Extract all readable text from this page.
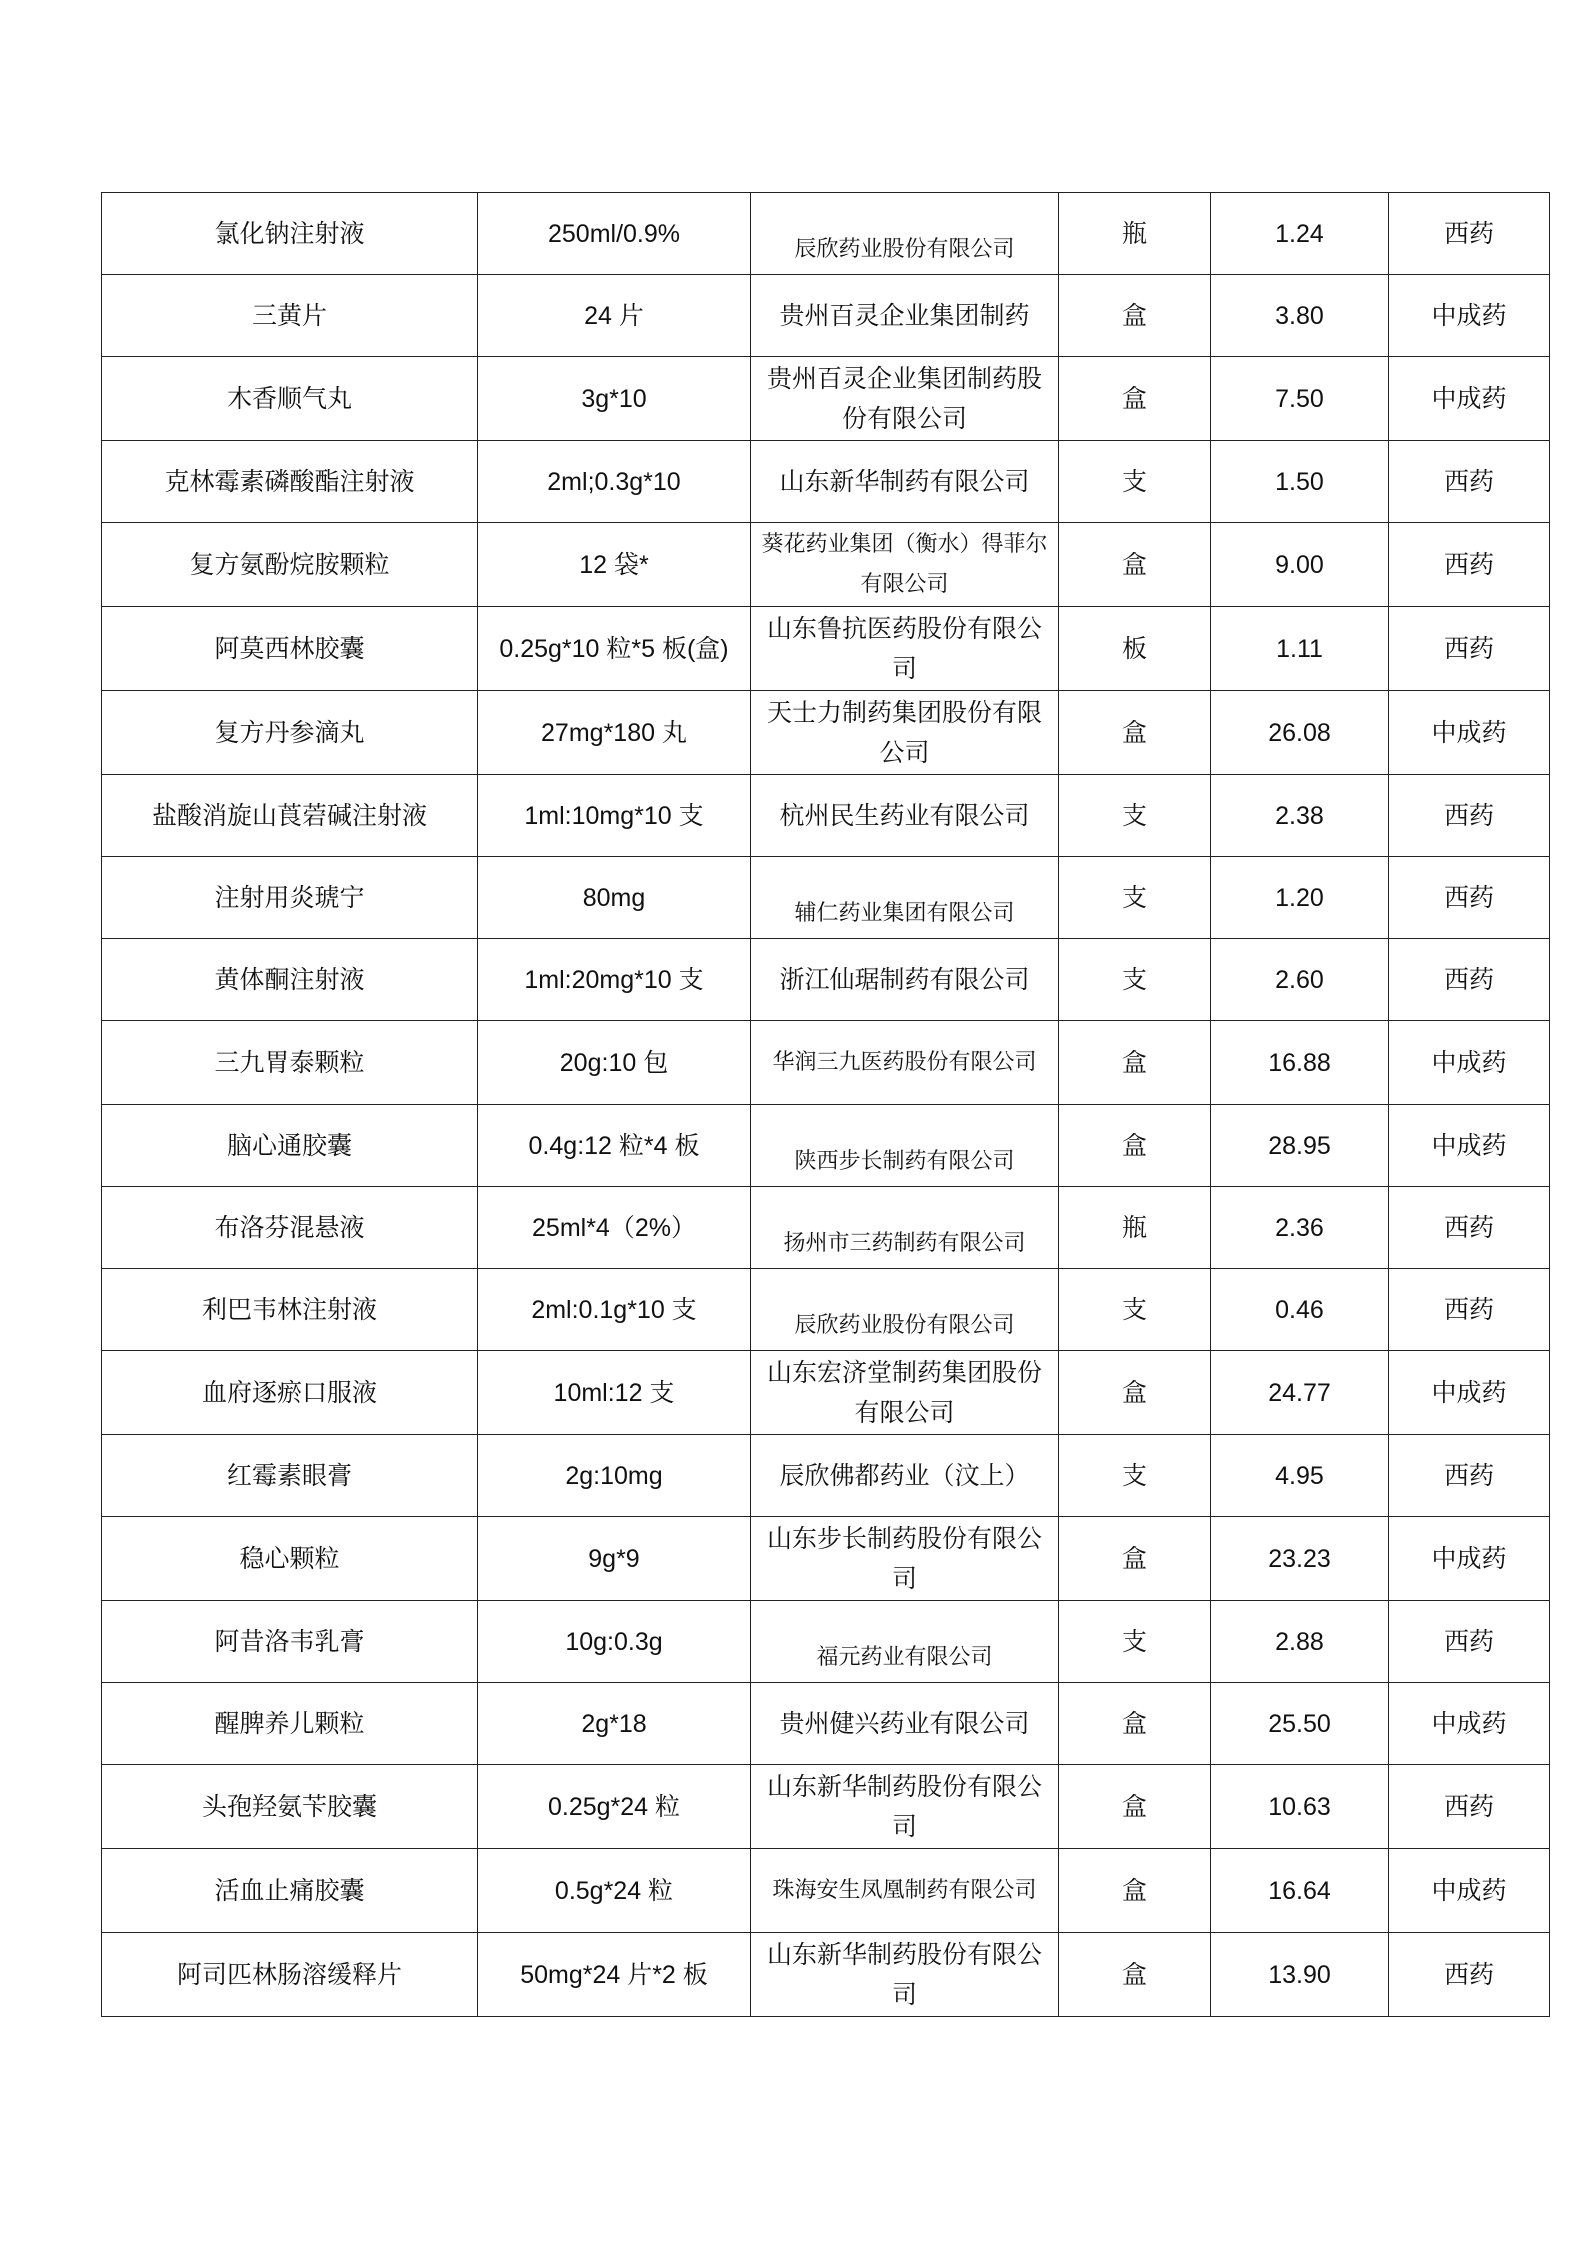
氯化钠注射液	250ml/0.9%	辰欣药业股份有限公司	瓶	1.24	西药
三黄片	24 片	贵州百灵企业集团制药	盒	3.80	中成药
木香顺气丸	3g*10	贵州百灵企业集团制药股份有限公司	盒	7.50	中成药
克林霉素磷酸酯注射液	2ml;0.3g*10	山东新华制药有限公司	支	1.50	西药
复方氨酚烷胺颗粒	12 袋*	葵花药业集团（衡水）得菲尔有限公司	盒	9.00	西药
阿莫西林胶囊	0.25g*10 粒*5 板(盒)	山东鲁抗医药股份有限公司	板	1.11	西药
复方丹参滴丸	27mg*180 丸	天士力制药集团股份有限公司	盒	26.08	中成药
盐酸消旋山莨菪碱注射液	1ml:10mg*10 支	杭州民生药业有限公司	支	2.38	西药
注射用炎琥宁	80mg	辅仁药业集团有限公司	支	1.20	西药
黄体酮注射液	1ml:20mg*10 支	浙江仙琚制药有限公司	支	2.60	西药
三九胃泰颗粒	20g:10 包	华润三九医药股份有限公司	盒	16.88	中成药
脑心通胶囊	0.4g:12 粒*4 板	陕西步长制药有限公司	盒	28.95	中成药
布洛芬混悬液	25ml*4（2%）	扬州市三药制药有限公司	瓶	2.36	西药
利巴韦林注射液	2ml:0.1g*10 支	辰欣药业股份有限公司	支	0.46	西药
血府逐瘀口服液	10ml:12 支	山东宏济堂制药集团股份有限公司	盒	24.77	中成药
红霉素眼膏	2g:10mg	辰欣佛都药业（汶上）	支	4.95	西药
稳心颗粒	9g*9	山东步长制药股份有限公司	盒	23.23	中成药
阿昔洛韦乳膏	10g:0.3g	福元药业有限公司	支	2.88	西药
醒脾养儿颗粒	2g*18	贵州健兴药业有限公司	盒	25.50	中成药
头孢羟氨苄胶囊	0.25g*24 粒	山东新华制药股份有限公司	盒	10.63	西药
活血止痛胶囊	0.5g*24 粒	珠海安生凤凰制药有限公司	盒	16.64	中成药
阿司匹林肠溶缓释片	50mg*24 片*2 板	山东新华制药股份有限公司	盒	13.90	西药
